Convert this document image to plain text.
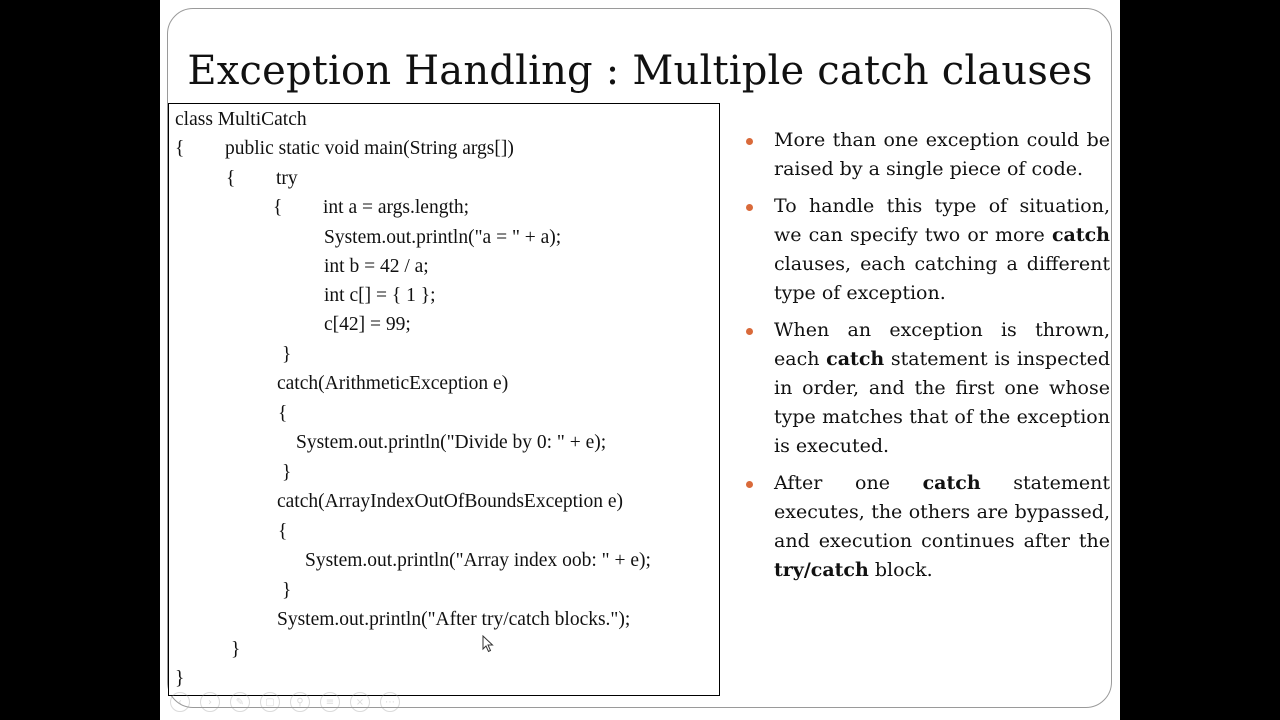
Exception Handling : Multiple catch clauses
class MultiCatch
{ public static void main(String args[])
{ try
{ int a = args.length;
System.out.println("a = " + a);
int b = 42 / a;
int c[] = { 1 };
c[42] = 99;
}
catch(ArithmeticException e)
{
System.out.println("Divide by 0: " + e);
}
catch(ArrayIndexOutOfBoundsException e)
{
System.out.println("Array index oob: " + e);
}
System.out.println("After try/catch blocks.");
}
}
More than one exception could be raised by a single piece of code.
To handle this type of situation, we can specify two or more catch clauses, each catching a different type of exception.
When an exception is thrown, each catch statement is inspected in order, and the first one whose type matches that of the exception is executed.
After one catch statement executes, the others are bypassed, and execution continues after the try/catch block.
‹	›	✎	▢	⚲	≡	×	⋯
